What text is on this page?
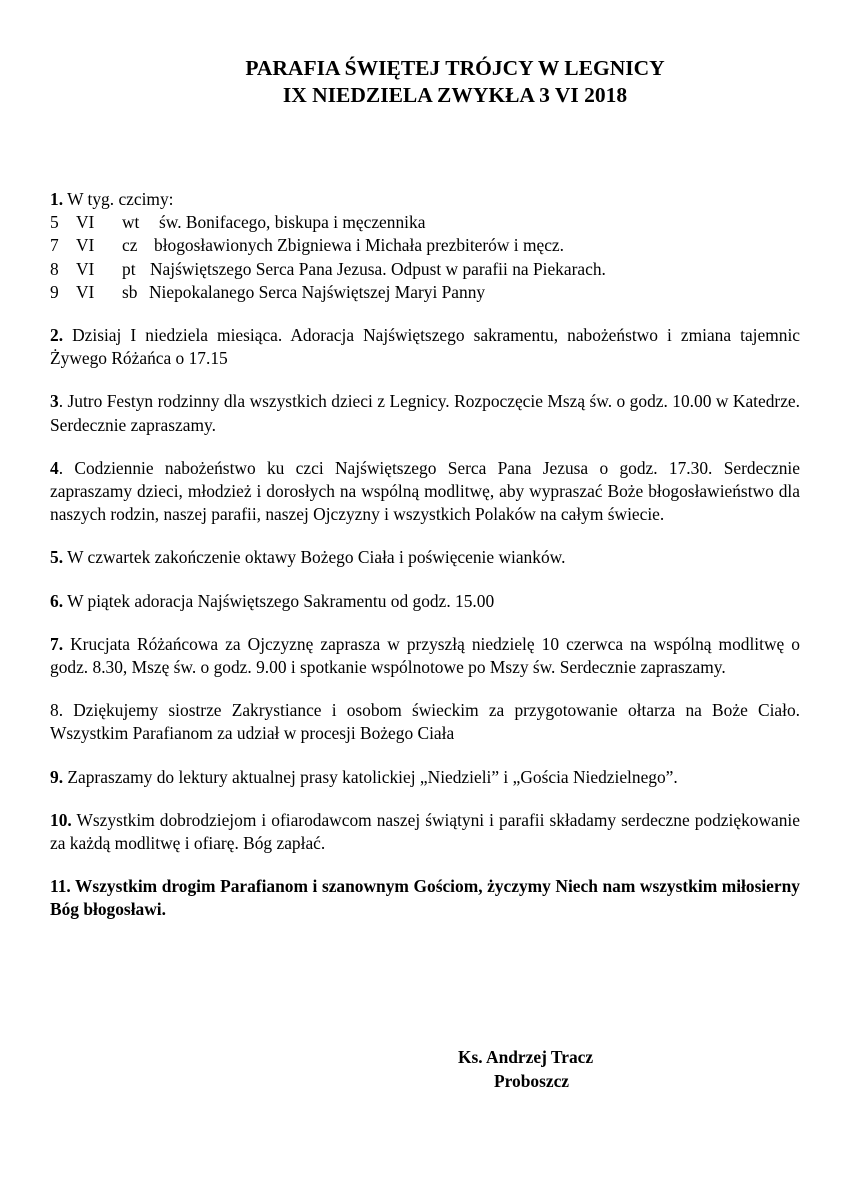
PARAFIA ŚWIĘTEJ TRÓJCY W LEGNICY
IX NIEDZIELA ZWYKŁA 3 VI 2018

1. W tyg. czcimy:

5 VI	wt	św. Bonifacego, biskupa i męczennika
7 VI	cz błogosławionych Zbigniewa i Michała prezbiterów i męcz.
8 VI	pt Najświętszego Serca Pana Jezusa. Odpust w parafii na Piekarach.
9 VI	sb Niepokalanego Serca Najświętszej Maryi Panny

2. Dzisiaj I niedziela miesiąca. Adoracja Najświętszego sakramentu, nabożeństwo i zmiana tajemnic Żywego Różańca o 17.15

3. Jutro Festyn rodzinny dla wszystkich dzieci z Legnicy. Rozpoczęcie Mszą św. o godz. 10.00 w Katedrze. Serdecznie zapraszamy.

4. Codziennie nabożeństwo ku czci Najświętszego Serca Pana Jezusa o godz. 17.30. Serdecznie zapraszamy dzieci, młodzież i dorosłych na wspólną modlitwę, aby wypraszać Boże błogosławieństwo dla naszych rodzin, naszej parafii, naszej Ojczyzny i wszystkich Polaków na całym świecie.

5. W czwartek zakończenie oktawy Bożego Ciała i poświęcenie wianków.

6. W piątek adoracja Najświętszego Sakramentu od godz. 15.00

7. Krucjata Różańcowa za Ojczyznę zaprasza w przyszłą niedzielę 10 czerwca na wspólną modlitwę o godz. 8.30, Mszę św. o godz. 9.00 i spotkanie wspólnotowe po Mszy św. Serdecznie zapraszamy.

8. Dziękujemy siostrze Zakrystiance i osobom świeckim za przygotowanie ołtarza na Boże Ciało. Wszystkim Parafianom za udział w procesji Bożego Ciała

9. Zapraszamy do lektury aktualnej prasy katolickiej „Niedzieli” i „Gościa Niedzielnego”.

10. Wszystkim dobrodziejom i ofiarodawcom naszej świątyni i parafii składamy serdeczne podziękowanie za każdą modlitwę i ofiarę. Bóg zapłać.

11. Wszystkim drogim Parafianom i szanownym Gościom, życzymy Niech nam wszystkim miłosierny Bóg błogosławi.

Ks. Andrzej Tracz
Proboszcz
